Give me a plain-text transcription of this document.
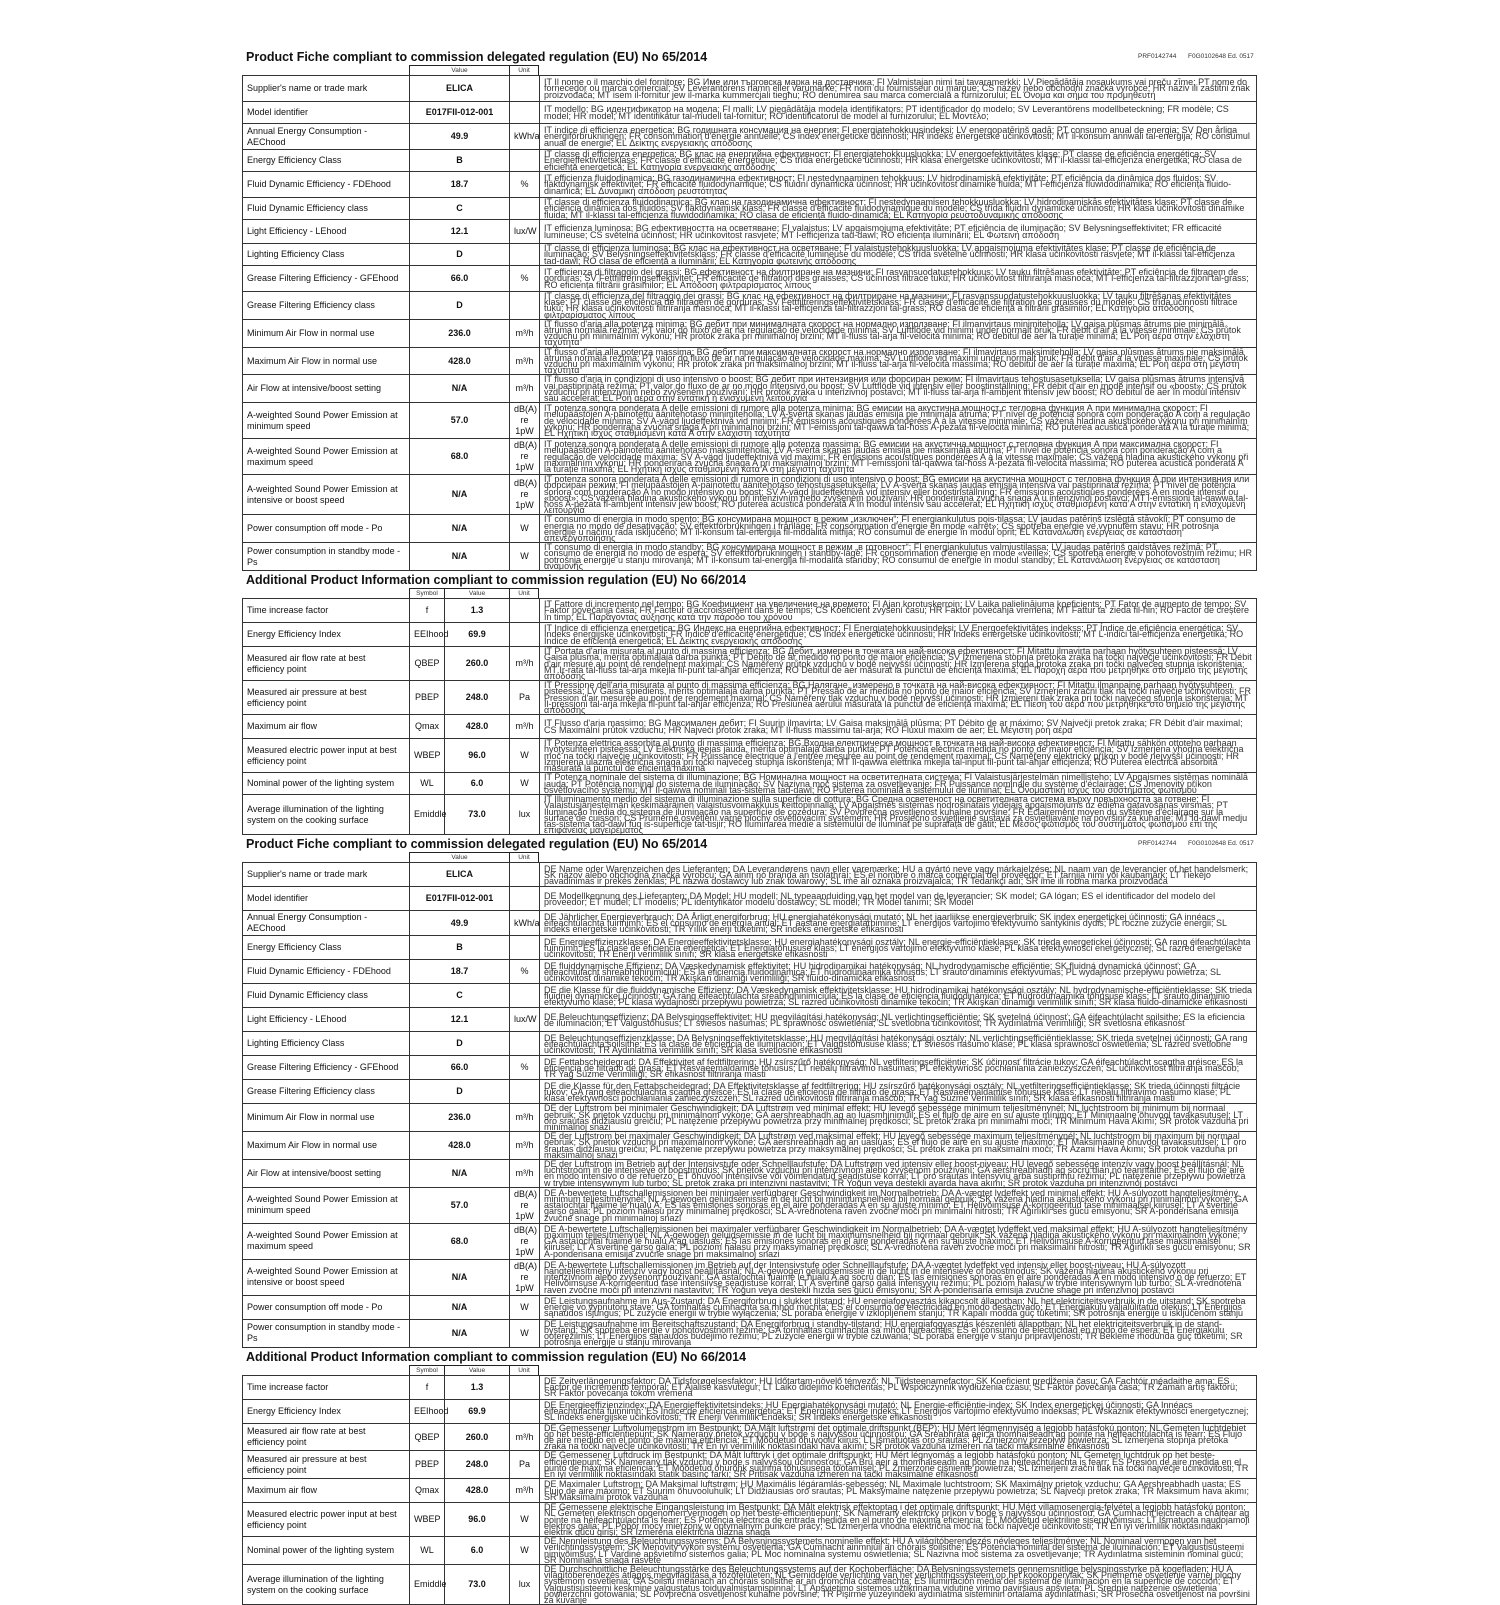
Product Fiche compliant to commission delegated regulation (EU) No 65/2014	PRF0142744 F0G0102648 Ed. 0517
Value	Unit
Supplier's name or trade mark	ELICA		IT Il nome o il marchio del fornitore; BG Име или търговска марка на доставчика; FI Valmistajan nimi tai tavaramerkki; LV Piegādātāja nosaukums vai preču zīme; PT nome do fornecedor ou marca comercial; SV Leverantörens namn eller varumärke; FR nom du fournisseur ou marque; CS název nebo obchodní značka výrobce; HR naziv ili zaštitni znak proizvođača; MT isem il-fornitur jew il-marka kummerċjali tiegħu; RO denumirea sau marca comercială a furnizorului; EL Όνομα και σήμα του προμηθευτή
Model identifier	E017FII-012-001		IT modello; BG идентификатор на модела; FI malli; LV piegādātāja modeļa identifikators; PT identificador do modelo; SV Leverantörens modellbeteckning; FR modèle; CS model; HR model; MT identifikatur tal-mudell tal-fornitur; RO identificatorul de model al furnizorului; EL Μοντέλο;
Annual Energy Consumption - AEChood	49.9	kWh/a	IT indice di efficienza energetica; BG годишната консумация на енергия; FI energiatehokkuusindeksi; LV energopatēriņš gadā; PT consumo anual de energia; SV Den årliga energiförbrukningen; FR consommation d'énergie annuelle; CS index energetické účinnosti; HR indeks energetske učinkovitosti; MT il-konsum annwali tal-enerġija; RO consumul anual de energie; EL Δείκτης ενεργειακής απόδοσης
Energy Efficiency Class	B		IT classe di efficienza energetica; BG клас на енергийна ефективност; FI energiatehokkuusluokka; LV energoefektivitātes klase; PT classe de eficiência energética; SV Energieffektivitetsklass; FR classe d'efficacité énergétique; CS třída energetické účinnosti; HR klasa energetske učinkovitosti; MT il-klassi tal-effiċjenza enerġetika; RO clasa de eficiență energetică; EL Κατηγορία ενεργειακής απόδοσης
Fluid Dynamic Efficiency - FDEhood	18.7	%	IT efficienza fluidodinamica; BG газодинамична ефективност; FI nestedynaaminen tehokkuus; LV hidrodinamiskā efektivitāte; PT eficiência da dinâmica dos fluidos; SV fläktdynamisk effektivitet; FR efficacité fluidodynamique; CS fluidní dynamická účinnost; HR učinkovitost dinamike fluida; MT l-effiċjenza fluwidodinamika; RO eficiența fluido-dinamică; EL Δυναμική απόδοση ρευστότητας
Fluid Dynamic Efficiency class	C		IT classe di efficienza fluidodinamica; BG клас на газодинамична ефективност; FI nestedynaamisen tehokkuusluokka; LV hidrodinamiskās efektivitātes klase; PT classe de eficiência dinâmica dos fluidos; SV fläktdynamisk klass; FR classe d'efficacité fluidodynamique du modèle; CS třída fluidní dynamické účinnosti; HR klasa učinkovitosti dinamike fluida; MT il-klassi tal-effiċjenza fluwidodinamika; RO clasa de eficiență fluido-dinamică; EL Κατηγορία ρευστοδυναμικής απόδοσης
Light Efficiency - LEhood	12.1	lux/W	IT efficienza luminosa; BG ефективността на осветяване; FI valaistus; LV apgaismojuma efektivitāte; PT eficiência de iluminação; SV Belysningseffektivitet; FR efficacité lumineuse; CS světelná účinnost; HR učinkovitost rasvjete; MT l-effiċjenza tad-dawl; RO eficiența iluminării; EL Φωτεινή απόδοση
Lighting Efficiency Class	D		IT classe di efficienza luminosa; BG клас на ефективност на осветяване; FI valaistustehokkuusluokka; LV apgaismojuma efektivitātes klase; PT classe de eficiência de iluminação; SV Belysningseffektivitetsklass; FR classe d'efficacité lumineuse du modèle; CS třída světelné účinnosti; HR klasa učinkovitosti rasvjete; MT il-klassi tal-effiċjenza tad-dawl; RO clasa de eficiență a iluminării; EL Κατηγορία φωτεινής απόδοσης
Grease Filtering Efficiency - GFEhood	66.0	%	IT efficienza di filtraggio dei grassi; BG ефективност на филтриране на мазнини; FI rasvansuodatustehokkuus; LV tauku filtrēšanas efektivitāte; PT eficiência de filtragem de gorduras; SV Fettfiltreringseffektivitet; FR efficacité de filtration des graisses; CS účinnost filtrace tuků; HR učinkovitost filtriranja masnoća; MT l-effiċjenza tal-filtrazzjoni tal-grass; RO eficiența filtrării grăsimilor; EL Απόδοση φιλτραρίσματος λίπους
Grease Filtering Efficiency class	D		IT classe di efficienza del filtraggio dei grassi; BG клас на ефективност на филтриране на мазнини; FI rasvanssuodatustehokkuusluokka; LV tauku filtrēšanas efektivitātes klase; PT classe de eficiência de filtragem de gorduras; SV Fettfiltreringseffektivitetsklass; FR classe d'efficacité de filtration des graisses du modèle; CS třída účinnosti filtrace tuků; HR klasa učinkovitosti filtriranja masnoća; MT il-klassi tal-effiċjenza tal-filtrazzjoni tal-grass; RO clasa de eficiență a filtrării grăsimilor; EL Κατηγορία απόδοσης φιλτραρίσματος λίπους
Minimum Air Flow in normal use	236.0	m³/h	IT flusso d'aria alla potenza minima; BG дебит при минималната скорост на нормално използване; FI ilmanvirtaus minimiteholla; LV gaisa plūsmas ātrums pie minimālā ātruma normālā režīmā; PT valor do fluxo de ar na regulação de velocidade mínima; SV Luftflöde vid minimi under normalt bruk; FR débit d'air à la vitesse minimale; CS průtok vzduchu při minimálním výkonu; HR protok zraka pri minimalnoj brzini; MT il-fluss tal-arja fil-veloċità minima; RO debitul de aer la turație minimă; EL Ροή αέρα στην ελάχιστη ταχύτητα
Maximum Air Flow in normal use	428.0	m³/h	IT flusso d'aria alla potenza massima; BG дебит при максималната скорост на нормално използване; FI ilmavirtaus maksimiteholla; LV gaisa plūsmas ātrums pie maksimālā ātruma normālā režīmā; PT valor do fluxo de ar na regulação de velocidade máxima; SV Luftflöde vid maximi under normalt bruk; FR débit d'air à la vitesse maximale; CS průtok vzduchu při maximálním výkonu; HR protok zraka pri maksimalnoj brzini; MT il-fluss tal-arja fil-veloċità massima; RO debitul de aer la turație maximă; EL Ροή αέρα στη μέγιστη ταχύτητα
Air Flow at intensive/boost setting	N/A	m³/h	IT flusso d'aria in condizioni di uso intensivo o boost; BG дебит при интензивния или форсиран режим; FI ilmavirtaus tehostusasetuksella; LV gaisa plūsmas ātrums intensīvā vai pastiprinātā režīmā; PT valor do fluxo de ar no modo intensivo ou boost; SV Luftflöde vid intensiv eller boostinställning; FR débit d'air en mode intensif ou «boost»; CS průtok vzduchu při intenzivním nebo zvýšeném používání; HR protok zraka u intenzivnoj postavci; MT il-fluss tal-arja fl-ambjent intensiv jew boost; RO debitul de aer în modul intensiv sau accelerat; EL Ροή αέρα στην εντατική ή ενισχυμένη λειτουργία
A-weighted Sound Power Emission at minimum speed	57.0	dB(A) re 1pW	IT potenza sonora ponderata A delle emissioni di rumore alla potenza minima; BG емисии на акустична мощност с тегловна функция А при минимална скорост; FI melupäästöjen A-painotettu äänitehotaso minimiteholla; LV A-svērtā skaņas jaudas emisija pie minimālā ātruma; PT nível de potência sonora com ponderação A com a regulação de velocidade mínima; SV A-vägd ljudeffektnivå vid minimi; FR émissions acoustiques pondérées A à la vitesse minimale; CS vážená hladina akustického výkonu při minimálním výkonu; HR ponderirana zvučna snaga A pri minimalnoj brzini; MT l-emissjoni tal-qawwa tal-ħoss A-peżata fil-veloċità minima; RO puterea acustică ponderată A la turație minimă; EL Ηχητική ισχύς σταθμισμένη κατά Α στην ελάχιστη ταχύτητα
A-weighted Sound Power Emission at maximum speed	68.0	dB(A) re 1pW	IT potenza sonora ponderata A delle emissioni di rumore alla potenza massima; BG емисии на акустична мощност с тегловна функция А при максимална скорост; FI melupäästöjen A-painotettu äänitehotaso maksimiteholla; LV A-svērtā skaņas jaudas emisija pie maksimālā ātruma; PT nível de potência sonora com ponderação A com a regulação de velocidade máxima; SV A-vägd ljudeffektnivå vid maximi; FR émissions acoustiques pondérées A à la vitesse maximale; CS vážená hladina akustického výkonu při maximálním výkonu; HR ponderirana zvučna snaga A pri maksimalnoj brzini; MT l-emissjoni tal-qawwa tal-ħoss A-peżata fil-veloċità massima; RO puterea acustică ponderată A la turație maximă; EL Ηχητική ισχύς σταθμισμένη κατά Α στη μέγιστη ταχύτητα
A-weighted Sound Power Emission at intensive or boost speed	N/A	dB(A) re 1pW	IT potenza sonora ponderata A delle emissioni di rumore in condizioni di uso intensivo o boost; BG емисии на акустична мощност с тегловна функция А при интензивния или форсиран режим; FI melupäästöjen A-painotettu äänitehotaso tehostusasetuksella; LV A-svērtā skaņas jaudas emisija intensīvā vai pastiprinātā režīmā; PT nível de potência sonora com ponderação A no modo intensivo ou boost; SV A-vägd ljudeffektnivå vid intensiv eller boostinställning; FR émissions acoustiques pondérées A en mode intensif ou «boost»; CS vážená hladina akustického výkonu při intenzivním nebo zvýšeném používání; HR ponderirana zvučna snaga A u intenzivnoj postavci; MT l-emissjoni tal-qawwa tal-ħoss A-peżata fl-ambjent intensiv jew boost; RO puterea acustică ponderată A în modul intensiv sau accelerat; EL Ηχητική ισχύς σταθμισμένη κατά Α στην εντατική ή ενισχυμένη λειτουργία
Power consumption off mode - Po	N/A	W	IT consumo di energia in modo spento; BG консумирана мощност в режим „изключен“; FI energiankulutus pois-tilassa; LV jaudas patēriņš izslēgtā stāvoklī; PT consumo de energia no modo de desativação; SV effektförbrukningen i frånläge; FR consommation d'énergie en mode «arrêt»; CS spotřeba energie ve vypnutém stavu; HR potrošnja energije u načinu rada isključeno; MT il-konsum tal-enerġija fil-modalità mitfija; RO consumul de energie în modul oprit; EL Κατανάλωση ενέργειας σε κατάσταση απενεργοποίησης
Power consumption in standby mode - Ps	N/A	W	IT consumo di energia in modo standby; BG консумирана мощност в режим „в готовност“; FI energiankulutus valmiustilassa; LV jaudas patēriņš gaidstāves režīmā; PT consumo de energia no modo de espera; SV effektförbrukningen i standby-läge; FR consommation d'énergie en mode «veille»; CS spotřeba energie v pohotovostním režimu; HR potrošnja energije u stanju mirovanja; MT il-konsum tal-enerġija fil-modalità standby; RO consumul de energie în modul standby; EL Κατανάλωση ενέργειας σε κατάσταση αναμονής
Additional Product Information compliant to commission regulation (EU) No 66/2014
Symbol	Value	Unit
Time increase factor	f	1.3		IT Fattore di incremento nel tempo; BG Коефициент на увеличение на времето; FI Ajan korotuskerroin; LV Laika palielinājuma koeficients; PT Fator de aumento de tempo; SV Faktor povečanja časa; FR Facteur d'accroissement dans le temps; CS Koeficient zvýšení času; HR Faktor povećanja vremena; MT Fattur ta' żieda fil-ħin; RO Factor de creștere în timp; EL Παράγοντας αύξησης κατά την πάροδο του χρόνου
Energy Efficiency Index	EEIhood	69.9		IT Indice di efficienza energetica; BG Индекс на енергийна ефективност; FI Energiatehokkuusindeksi; LV Energoefektivitātes indekss; PT Índice de eficiência energética; SV Indeks energijske učinkovitosti; FR Indice d'efficacité énergétique; CS Index energetické účinnosti; HR Indeks energetske učinkovitosti; MT L-indiċi tal-effiċjenza enerġetika; RO Indice de eficiență energetică; EL Δείκτης ενεργειακής απόδοσης
Measured air flow rate at best efficiency point	QBEP	260.0	m³/h	IT Portata d'aria misurata al punto di massima efficienza; BG Дебит, измерен в точката на най-висока ефективност; FI Mitattu ilmavirta parhaan hyötysuhteen pisteessä; LV Gaisa plūsma, mērīta optimālajā darba punktā; PT Débito de ar medido no ponto de maior eficiência; SV Izmerjena stopnja pretoka zraka na točki največje učinkovitosti; FR Débit d'air mesuré au point de rendement maximal; CS Naměřený průtok vzduchu v bodě nejvyšší účinnosti; HR Izmjerena stopa protoka zraka pri točki najvećeg stupnja iskorištenja; MT Ir-rata tal-fluss tal-arja mkejla fil-punt tal-aħjar effiċjenza; RO Debitul de aer măsurat la punctul de eficiență maximă; EL Παροχή αέρα που μετρήθηκε στο σημείο της μέγιστης απόδοσης
Measured air pressure at best efficiency point	PBEP	248.0	Pa	IT Pressione dell'aria misurata al punto di massima efficienza; BG Налягане, измерено в точката на най-висока ефективност; FI Mitattu ilmanpaine parhaan hyötysuhteen pisteessä; LV Gaisa spiediens, mērīts optimālajā darba punktā; PT Pressão de ar medida no ponto de maior eficiência; SV Izmerjeni zračni tlak na točki največje učinkovitosti; FR Pression d'air mesurée au point de rendement maximal; CS Naměřený tlak vzduchu v bodě nejvyšší účinnosti; HR Izmjereni tlak zraka pri točki najvećeg stupnja iskorištenja; MT Il-pressjoni tal-arja mkejla fil-punt tal-aħjar effiċjenza; RO Presiunea aerului măsurată la punctul de eficiență maximă; EL Πίεση του αέρα που μετρήθηκε στο σημείο της μέγιστης απόδοσης
Maximum air flow	Qmax	428.0	m³/h	IT Flusso d'aria massimo; BG Максимален дебит; FI Suurin ilmavirta; LV Gaisa maksimālā plūsma; PT Débito de ar máximo; SV Največji pretok zraka; FR Débit d'air maximal; CS Maximální průtok vzduchu; HR Najveći protok zraka; MT Il-fluss massimu tal-arja; RO Fluxul maxim de aer; EL Μέγιστη ροή αέρα
Measured electric power input at best efficiency point	WBEP	96.0	W	IT Potenza elettrica assorbita al punto di massima efficienza; BG Входна електрическа мощност в точката на най-висока ефективност; FI Mitattu sähkön ottoteho parhaan hyötysuhteen pisteessä; LV Elektriskā ieejas jauda, mērīta optimālajā darba punktā; PT Potência eléctrica medida no ponto de maior eficiência; SV Izmerjena vhodna električna moč na točki največje učinkovitosti; FR Puissance électrique à l'entrée mesurée au point de rendement maximal; CS Naměřený elektrický příkon v bodě nejvyšší účinnosti; HR Izmjerena ulazna električna snaga pri točki najvećeg stupnja iskorištenja; MT Il-qawwa elettrika mkejla tal-input fil-punt tal-aħjar effiċjenza; RO Puterea electrică absorbită măsurată la punctul de eficiență maximă
Nominal power of the lighting system	WL	6.0	W	IT Potenza nominale del sistema di illuminazione; BG Номинална мощност на осветителната система; FI Valaistusjärjestelmän nimellisteho; LV Apgaismes sistēmas nominālā jauda; PT Potência nominal do sistema de iluminação; SV Nazivna moč sistema za osvetljevanje; FR Puissance nominale du système d'éclairage; CS Jmenovitý příkon osvětlovacího systému; MT Il-qawwa nominali tas-sistema tad-dawl; RO Puterea nominală a sistemului de iluminat; EL Ονομαστική ισχύς του συστήματος φωτισμού
Average illumination of the lighting system on the cooking surface	Emiddle	73.0	lux	IT Illuminamento medio del sistema di illuminazione sulla superficie di cottura; BG Средна осветеност на осветителната система върху повърхността за готвене; FI Valaistusjärjestelmän keskimääräinen valaistusvoimakkuus keittopinnalla; LV Apgaismes sistēmas nodrošinātais vidējais apgaismojums uz ēdiena gatavošanas virsmas; PT Iluminação média do sistema de iluminação na superfície de cozedura; SV Povprečna osvetljenost kuhalne površine; FR Éclairement moyen du système d'éclairage sur la surface de cuisson; CS Průměrné osvětlení varné plochy osvětlovacím systémem; HR Prosječno osvjetljenje sustava za osvjetljavanje na površini za kuhanje; MT Id-dawl medju tas-sistema tad-dawl fuq is-superfiċje tat-tisjir; RO Iluminarea medie a sistemului de iluminat pe suprafața de gătit; EL Μέσος φωτισμός του συστήματος φωτισμού επί της επιφάνειας μαγειρέματος
Product Fiche compliant to commission delegated regulation (EU) No 65/2014	PRF0142744 F0G0102648 Ed. 0517
Value	Unit
Supplier's name or trade mark	ELICA		DE Name oder Warenzeichen des Lieferanten; DA Leverandørens navn eller varemærke; HU a gyártó neve vagy márkajelzése; NL naam van de leverancier of het handelsmerk; SK názov alebo obchodná značka výrobcu; GA ainm nó branda an tsoláthraí; ES el nombre o marca comercial del proveedor; ET tarnija nimi või kaubamärk; LT Tiekėjo pavadinimas ir prekės ženklas; PL nazwa dostawcy lub znak towarowy; SL ime ali oznaka proizvajalca; TR Tedarikçi adı; SR ime ili robna marka proizvođača
Model identifier	E017FII-012-001		DE Modellkennung des Lieferanten; DA Model; HU modell; NL typeaanduiding van het model van de leverancier; SK model; GA lógan; ES el identificador del modelo del proveedor; ET mudel; LT modelis; PL identyfikator modelu dostawcy; SL model; TR Model tanımı; SR Model
Annual Energy Consumption - AEChood	49.9	kWh/a	DE Jährlicher Energieverbrauch; DA Årligt energiforbrug; HU energiahatékonysági mutató; NL het jaarlijkse energieverbruik; SK index energetickej účinnosti; GA innéacs éifeachtúlachta fuinnimh; ES el consumo de energía anual; ET aastane energiatarbimine; LT energijos vartojimo efektyvumo santykinis dydis; PL roczne zużycie energii; SL indeks energetske učinkovitosti; TR Yıllık enerji tüketimi; SR indeks energetske efikasnosti
Energy Efficiency Class	B		DE Energieeffizienzklasse; DA Energieeffektivitetsklasse; HU energiahatékonysági osztály; NL energie-efficiëntieklasse; SK trieda energetickej účinnosti; GA rang éifeachtúlachta fuinnimh; ES la clase de eficiencia energética; ET Energiatõhususe klass; LT energijos vartojimo efektyvumo klasė; PL klasa efektywności energetycznej; SL razred energetske učinkovitosti; TR Enerji verimlilik sınıfı; SR klasa energetske efikasnosti
Fluid Dynamic Efficiency - FDEhood	18.7	%	DE fluiddynamische Effizienz; DA Væskedynamisk effektivitet; HU hidrodinamikai hatékonyság; NL hydrodynamische efficiëntie; SK fluidná dynamická účinnosť; GA éifeachtúlacht shreabhdhinimiciúil; ES la eficiencia fluidodinámica; ET hüdrodünaamika tõhusus; LT srauto dinaminis efektyvumas; PL wydajność przepływu powietrza; SL učinkovitost dinamike tekočin; TR Akışkan dinamiği verimliliği; SR fluido-dinamička efikasnost
Fluid Dynamic Efficiency class	C		DE die Klasse für die fluiddynamische Effizienz; DA Væskedynamisk effektivitetsklasse; HU hidrodinamikai hatékonysági osztály; NL hydrodynamische-efficiëntieklasse; SK trieda fluidnej dynamickej účinnosti; GA rang éifeachtúlachta sreabhdhinimiciúla; ES la clase de eficiencia fluidodinámica; ET hüdrodünaamika tõhususe klass; LT srauto dinaminio efektyvumo klasė; PL klasa wydajności przepływu powietrza; SL razred učinkovitosti dinamike tekočin; TR Akışkan dinamiği verimlilik sınıfı; SR klasa fluido-dinamičke efikasnosti
Light Efficiency - LEhood	12.1	lux/W	DE Beleuchtungseffizienz; DA Belysningseffektivitet; HU megvilágítási hatékonyság; NL verlichtingsefficiëntie; SK svetelná účinnosť; GA éifeachtúlacht soilsithe; ES la eficiencia de iluminación; ET Valgustõhusus; LT šviesos našumas; PL sprawność oświetlenia; SL svetlobna učinkovitost; TR Aydınlatma Verimliliği; SR svetlosna efikasnost
Lighting Efficiency Class	D		DE Beleuchtungseffizienzklasse; DA Belysningseffektivitetsklasse; HU megvilágítási hatékonysági osztály; NL verlichtingsefficiëntieklasse; SK trieda svetelnej účinnosti; GA rang éifeachtúlachta soilsithe; ES la clase de eficiencia de iluminación; ET Valgustõhususe klass; LT šviesos našumo klasė; PL klasa sprawności oświetlenia; SL razred svetlobne učinkovitosti; TR Aydınlatma verimlilik sınıfı; SR klasa svetlosne efikasnosti
Grease Filtering Efficiency - GFEhood	66.0	%	DE Fettabscheidegrad; DA Effektivitet af fedtfiltrering; HU zsírszűrő hatékonyság; NL vetfilteringsefficiëntie; SK účinnosť filtrácie tukov; GA éifeachtúlacht scagtha gréisce; ES la eficiencia de filtrado de grasa; ET Rasvaeemaldamise tõhusus; LT riebalų filtravimo našumas; PL efektywność pochłaniania zanieczyszczeń; SL učinkovitost filtriranja maščob; TR Yağ Süzme Verimliliği; SR efikasnost filtriranja masti
Grease Filtering Efficiency class	D		DE die Klasse für den Fettabscheidegrad; DA Effektivitetsklasse af fedtfiltrering; HU zsírszűrő hatékonysági osztály; NL vetfilteringsefficiëntieklasse; SK trieda účinnosti filtrácie tukov; GA rang éifeachtúlachta scagtha gréisce; ES la clase de eficiencia de filtrado de grasa; ET Rasvaeemaldamise tõhususe klass; LT riebalų filtravimo našumo klasė; PL klasa efektywności pochłaniania zanieczyszczeń; SL razred učinkovitosti filtriranja maščob; TR Yağ Süzme Verimlilik sınıfı; SR klasa efikasnosti filtriranja masti
Minimum Air Flow in normal use	236.0	m³/h	DE der Luftstrom bei minimaler Geschwindigkeit; DA Luftstrøm ved minimal effekt; HU levegő sebessége minimum teljesítménynél; NL luchtstroom bij minimum bij normaal gebruik; SK prietok vzduchu pri minimálnom výkone; GA aershreabhadh ag an luasmhinimúil; ES el flujo de aire en su ajuste mínimo; ET Minimaalne õhuvool tavakasutusel; LT oro srautas didžiausiu greičiu; PL natężenie przepływu powietrza przy minimalnej prędkości; SL pretok zraka pri minimalni moči; TR Minimum Hava Akımı; SR protok vazduha pri minimalnoj snazi
Maximum Air Flow in normal use	428.0	m³/h	DE der Luftstrom bei maximaler Geschwindigkeit; DA Luftstrøm ved maksimal effekt; HU levegő sebessége maximum teljesítménynél; NL luchtstroom bij maximum bij normaal gebruik; SK prietok vzduchu pri maximálnom výkone; GA aershreabhadh ag an uasluas; ES el flujo de aire en su ajuste máximo; ET Maksimaalne õhuvool tavakasutusel; LT oro srautas didžiausiu greičiu; PL natężenie przepływu powietrza przy maksymalnej prędkości; SL pretok zraka pri maksimalni moči; TR Azami Hava Akımı; SR protok vazduha pri maksimalnoj snazi
Air Flow at intensive/boost setting	N/A	m³/h	DE der Luftstrom im Betrieb auf der Intensivstufe oder Schnelllaufstufe; DA Luftstrøm ved intensiv eller boost-niveau; HU levegő sebessége intenzív vagy boost beállításnál; NL luchtstroom in de intensieve of boostmodus; SK prietok vzduchu pri intenzívnom alebo zvýšenom používaní; GA aershreabhadh ag socrú dian nó teanntaithe; ES el flujo de aire en modo intensivo o de refuerzo; ET õhuvool intensiivse või võimendatud seadistuse korral; LT oro srautas intensyviu arba sustiprintu režimu; PL natężenie przepływu powietrza w trybie intensywnym lub turbo; SL pretok zraka pri intenzivni nastavitvi; TR Yoğun veya destekli ayarda hava akımı; SR protok vazduha pri intenzivnoj postavci
A-weighted Sound Power Emission at minimum speed	57.0	dB(A) re 1pW	DE A-bewertete Luftschallemissionen bei minimaler verfügbarer Geschwindigkeit im Normalbetrieb; DA A-vægtet lydeffekt ved minimal effekt; HU A-súlyozott hangteljesítmény minimum teljesítménynél; NL A-gewogen geluidsemissie in de lucht bij minimumsnelheid bij normaal gebruik; SK vážená hladina akustického výkonu pri minimálnom výkone; GA astaíochtaí fuaime le hualú A; ES las emisiones sonoras en el aire ponderadas A en su ajuste mínimo; ET Helivõimsuse A-korrigeeritud tase minimaalsel kiirusel; LT A svertinė garso galia; PL poziom hałasu przy minimalnej prędkości; SL A-vrednotena raven zvočne moči pri minimalni hitrosti; TR Ağırlıklı ses gücü emisyonu; SR A-ponderisana emisija zvučne snage pri minimalnoj snazi
A-weighted Sound Power Emission at maximum speed	68.0	dB(A) re 1pW	DE A-bewertete Luftschallemissionen bei maximaler verfügbarer Geschwindigkeit im Normalbetrieb; DA A-vægtet lydeffekt ved maksimal effekt; HU A-súlyozott hangteljesítmény maximum teljesítménynél; NL A-gewogen geluidsemissie in de lucht bij maximumsnelheid bij normaal gebruik; SK vážená hladina akustického výkonu pri maximálnom výkone; GA astaíochtaí fuaime le hualú A ag uasluas; ES las emisiones sonoras en el aire ponderadas A en su ajuste máximo; ET Helivõimsuse A-korrigeeritud tase maksimaalsel kiirusel; LT A svertinė garso galia; PL poziom hałasu przy maksymalnej prędkości; SL A-vrednotena raven zvočne moči pri maksimalni hitrosti; TR Ağırlıklı ses gücü emisyonu; SR A-ponderisana emisija zvučne snage pri maksimalnoj snazi
A-weighted Sound Power Emission at intensive or boost speed	N/A	dB(A) re 1pW	DE A-bewertete Luftschallemissionen im Betrieb auf der Intensivstufe oder Schnelllaufstufe; DA A-vægtet lydeffekt ved intensiv eller boost-niveau; HU A-súlyozott hangteljesítmény intenzív vagy boost beállításnál; NL A-gewogen geluidsemissie in de lucht in de intensieve of boostmodus; SK vážená hladina akustického výkonu pri intenzívnom alebo zvýšenom používaní; GA astaíochtaí fuaime le hualú A ag socrú dian; ES las emisiones sonoras en el aire ponderadas A en modo intensivo o de refuerzo; ET Helivõimsuse A-korrigeeritud tase intensiivse seadistuse korral; LT A svertinė garso galia intensyviu režimu; PL poziom hałasu w trybie intensywnym lub turbo; SL A-vrednotena raven zvočne moči pri intenzivni nastavitvi; TR Yoğun veya destekli hızda ses gücü emisyonu; SR A-ponderisana emisija zvučne snage pri intenzivnoj postavci
Power consumption off mode - Po	N/A	W	DE Leistungsaufnahme im Aus-Zustand; DA Energiforbrug i slukket tilstand; HU energiafogyasztás kikapcsolt állapotban; NL het elektriciteitsverbruik in de uitstand; SK spotreba energie vo vypnutom stave; GA tomhaltas cumhachta sa mhód múchta; ES el consumo de electricidad en modo desactivado; ET Energiakulu väljalülitatud olekus; LT Energijos sąnaudos išjungus; PL zużycie energii w trybie wyłączenia; SL poraba energije v izklopljenem stanju; TR Kapalı modda güç tüketimi; SR potrošnja energije u isključenom stanju
Power consumption in standby mode - Ps	N/A	W	DE Leistungsaufnahme im Bereitschaftszustand; DA Energiforbrug i standby-tilstand; HU energiafogyasztás készenléti állapotban; NL het elektriciteitsverbruik in de stand-bystand; SK spotreba energie v pohotovostnom režime; GA tomhaltas cumhachta sa mhód fuireachais; ES el consumo de electricidad en modo de espera; ET Energiakulu ooterežiimis; LT Energijos sąnaudos budėjimo režimu; PL zużycie energii w trybie czuwania; SL poraba energije v stanju pripravljenosti; TR Bekleme modunda güç tüketimi; SR potrošnja energije u stanju mirovanja
Additional Product Information compliant to commission regulation (EU) No 66/2014
Symbol	Value	Unit
Time increase factor	f	1.3		DE Zeitverlängerungsfaktor; DA Tidsforøgelsesfaktor; HU Időtartam-növelő tényező; NL Tijdsteenamefactor; SK Koeficient predĺženia času; GA Fachtóir méadaithe ama; ES Factor de incremento temporal; ET Ajalise kasvutegur; LT Laiko didėjimo koeficientas; PL Współczynnik wydłużenia czasu; SL Faktor povečanja časa; TR Zaman artış faktörü; SR Faktor povećanja tokom vremena
Energy Efficiency Index	EEIhood	69.9		DE Energieeffizienzindex; DA Energieffektivitetsindeks; HU Energiahatékonysági mutató; NL Energie-efficiëntie-index; SK Index energetickej účinnosti; GA Innéacs éifeachtúlachta fuinnimh; ES Índice de eficiencia energética; ET Energiatõhususe indeks; LT Energijos vartojimo efektyvumo indeksas; PL Wskaźnik efektywności energetycznej; SL Indeks energijske učinkovitosti; TR Enerji Verimlilik Endeksi; SR Indeks energetske efikasnosti
Measured air flow rate at best efficiency point	QBEP	260.0	m³/h	DE Gemessener Luftvolumenstrom im Bestpunkt; DA Målt luftstrømi det optimale driftspunkt (BEP); HU Mért légmennyiség a legjobb hatásfokú ponton; NL Gemeten luchtdebiet op het beste-efficiëntiepunt; SK Nameraný prietok vzduchu v bode s najvyššou účinnosťou; GA Sreabhráta aeir a thomhaiseadh ag pointe na héifeachtúlachta is fearr; ES Flujo de aire medido en el punto de máxima eficiencia; ET Mõõdetud õhuvoolu kiirus; LT Išmatuotas oro srautas; PL Zmierzony przepływ powietrza; SL Izmerjena stopnja pretoka zraka na točki največje učinkovitosti; TR En iyi verimlilik noktasındaki hava akımı; SR protok vazduha izmeren na tački maksimalne efikasnosti
Measured air pressure at best efficiency point	PBEP	248.0	Pa	DE Gemessener Luftdruck im Bestpunkt; DA Målt lufttryk i det optimale driftspunkt; HU Mért légnyomás a legjobb hatásfokú ponton; NL Gemeten luchtdruk op het beste-efficiëntiepunt; SK Nameraný tlak vzduchu v bode s najvyššou účinnosťou; GA Brú aeir a thomhaiseadh ag pointe na héifeachtúlachta is fearr; ES Presión de aire medida en el punto de máxima eficiencia; ET Mõõdetud õhurõhk suurima tõhususega töötamisel; PL Zmierzone ciśnienie powietrza; SL Izmerjeni zračni tlak na točki največje učinkovitosti; TR En iyi verimlilik noktasındaki statik basınç farkı; SR Pritisak vazduha izmeren na tački maksimalne efikasnosti
Maximum air flow	Qmax	428.0	m³/h	DE Maximaler Luftstrom; DA Maksimal luftstrøm; HU Maximális légáramlás-sebesség; NL Maximale luchtstroom; SK Maximálny prietok vzduchu; GA Aershreabhadh uasta; ES Flujo de aire máximo; ET Suurim õhuvooluhulk; LT Didžiausias oro srautas; PL Maksymalne natężenie przepływu powietrza; SL Največji pretok zraka; TR Maksimum hava akımı; SR Maksimalni protok vazduha
Measured electric power input at best efficiency point	WBEP	96.0	W	DE Gemessene elektrische Eingangsleistung im Bestpunkt; DA Målt elektrisk effektoptag i det optimale driftspunkt; HU Mért villamosenergia-felvétel a legjobb hatásfokú ponton; NL Gemeten elektrisch opgenomen vermogen op het beste-efficiëntiepunt; SK Nameraný elektrický príkon v bode s najvyššou účinnosťou; GA Cumhacht leictreach a chaitear ag pointe na héifeachtúlachta is fearr; ES Potencia eléctrica de entrada medida en el punto de máxima eficiencia; ET Mõõdetud elektriline sisendvõimsus; LT Išmatuota naudojamoji elektros galia; PL Pobór mocy mierzony w optymalnym punkcie pracy; SL Izmerjena vhodna električna moč na točki največje učinkovitosti; TR En iyi verimlilik noktasındaki elektrik gücü girişi; SR Izmerena električna ulazna snaga
Nominal power of the lighting system	WL	6.0	W	DE Nennleistung des Beleuchtungssystems; DA Belysningssystemets nominelle effekt; HU A világítóberendezés névleges teljesítménye; NL Nominaal vermogen van het verlichtingssysteem; SK Menovitý výkon systému osvetlenia; GA Cumhacht ainmniúil an chórais soilsithe; ES Potencia nominal del sistema de iluminación; ET Valgustisüsteemi nimivõimsus; LT Vardinė apšvietimo sistemos galia; PL Moc nominalna systemu oświetlenia; SL Nazivna moč sistema za osvetljevanje; TR Aydınlatma sisteminin nominal gücü; SR Nominalna snaga rasvete
Average illumination of the lighting system on the cooking surface	Emiddle	73.0	lux	DE Durchschnittliche Beleuchtungsstärke des Beleuchtungssystems auf der Kochoberfläche; DA Belysningssystemets gennemsnitlige belysningsstyrke på kogefladen; HU A világítóberendezés átlagos megvilágítása a főzőfelületen; NL Gemiddelde verlichting van het verlichtingssysteem op het kookoppervlak; SK Priemerné osvetlenie varnej plochy systémom osvetlenia; GA Soilsiú meánach an chórais soilsithe ar an dromchla cócaireachta; ES Iluminación media del sistema de iluminación en la superficie de cocción; ET Valgustisüsteemi keskmine valgustatus toiduvalmistamispinnal; LT Apšvietimo sistemos užtikrinama vidutinė virimo paviršiaus apšvieta; PL Średnie natężenie oświetlenia powierzchni gotowania; SL Povprečna osvetljenost kuhalne površine; TR Pişirme yüzeyindeki aydınlatma sisteminin ortalama aydınlatması; SR Prosečna osvetljenost na površini za kuvanje
